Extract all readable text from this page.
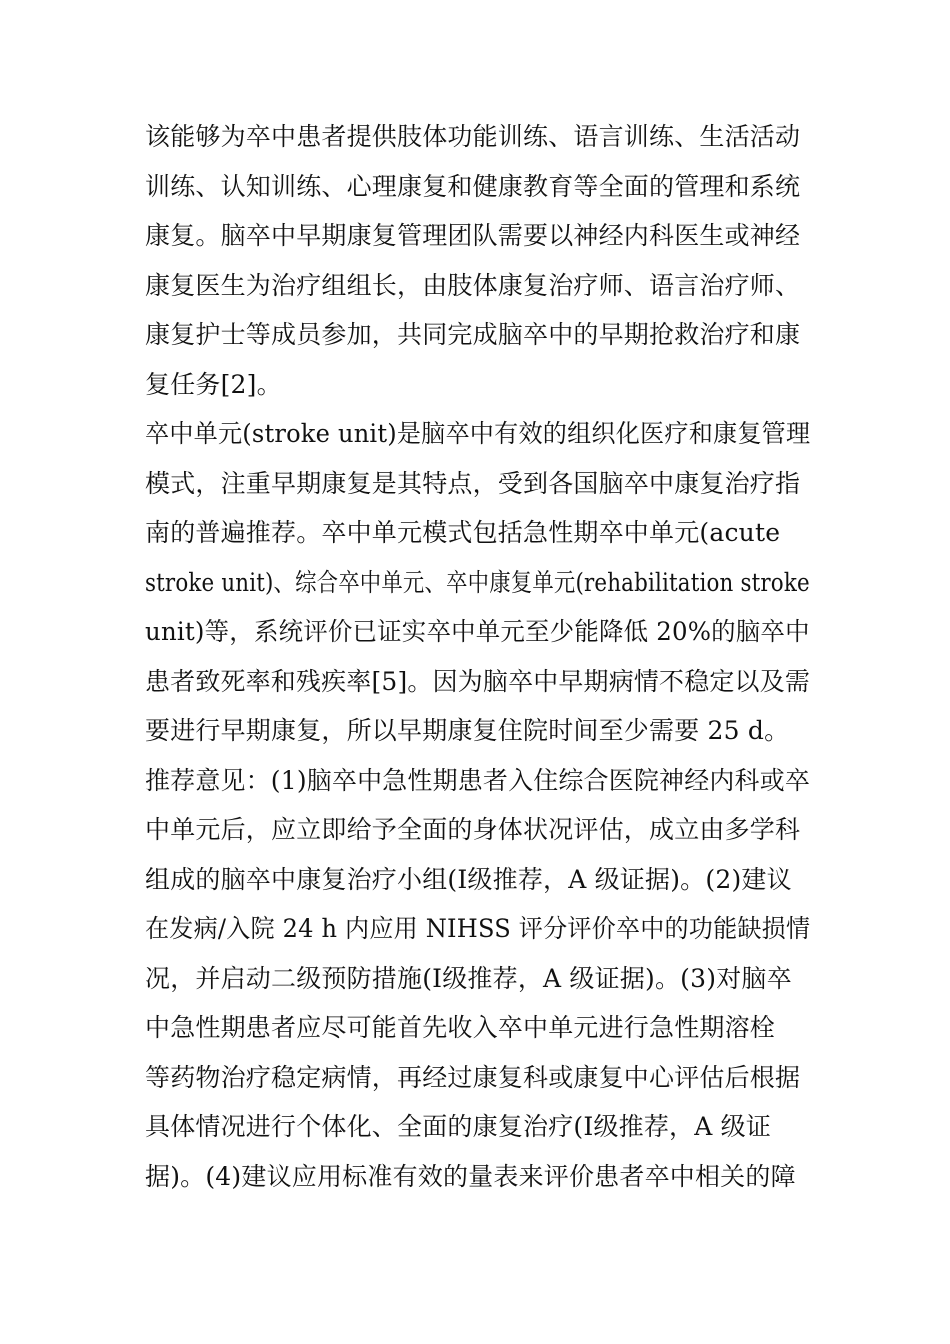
该能够为卒中患者提供肢体功能训练、语言训练、生活活动
训练、认知训练、心理康复和健康教育等全面的管理和系统
康复。脑卒中早期康复管理团队需要以神经内科医生或神经
康复医生为治疗组组长，由肢体康复治疗师、语言治疗师、
康复护士等成员参加，共同完成脑卒中的早期抢救治疗和康
复任务[2]。
卒中单元(stroke unit)是脑卒中有效的组织化医疗和康复管理
模式，注重早期康复是其特点，受到各国脑卒中康复治疗指
南的普遍推荐。卒中单元模式包括急性期卒中单元(acute
stroke unit)、综合卒中单元、卒中康复单元(rehabilitation stroke
unit)等，系统评价已证实卒中单元至少能降低 20%的脑卒中
患者致死率和残疾率[5]。因为脑卒中早期病情不稳定以及需
要进行早期康复，所以早期康复住院时间至少需要 25 d。
推荐意见：(1)脑卒中急性期患者入住综合医院神经内科或卒
中单元后，应立即给予全面的身体状况评估，成立由多学科
组成的脑卒中康复治疗小组(Ⅰ级推荐，A 级证据)。(2)建议
在发病/入院 24 h 内应用 NIHSS 评分评价卒中的功能缺损情
况，并启动二级预防措施(Ⅰ级推荐，A 级证据)。(3)对脑卒
中急性期患者应尽可能首先收入卒中单元进行急性期溶栓
等药物治疗稳定病情，再经过康复科或康复中心评估后根据
具体情况进行个体化、全面的康复治疗(Ⅰ级推荐，A 级证
据)。(4)建议应用标准有效的量表来评价患者卒中相关的障
